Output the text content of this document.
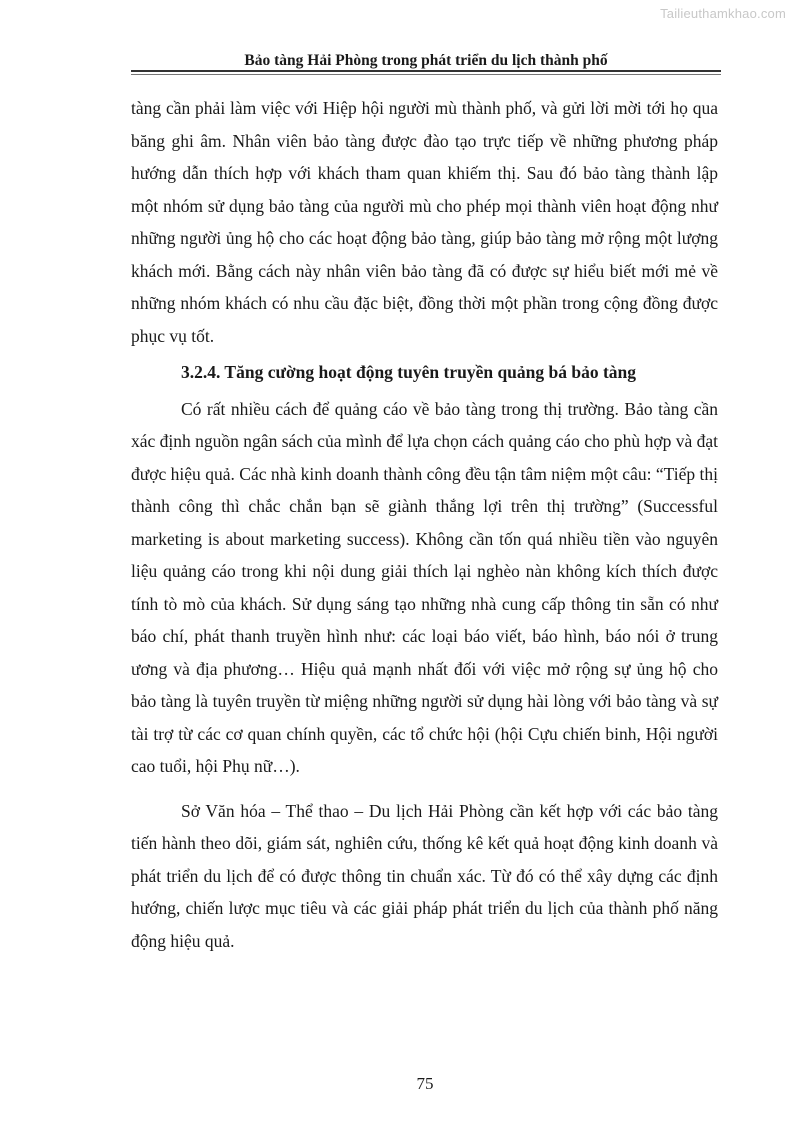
Tailieuthamkhao.com
Bảo tàng Hải Phòng trong phát triển du lịch thành phố

tàng cần phải làm việc với Hiệp hội người mù thành phố, và gửi lời mời tới họ qua băng ghi âm. Nhân viên bảo tàng được đào tạo trực tiếp về những phương pháp hướng dẫn thích hợp với khách tham quan khiếm thị. Sau đó bảo tàng thành lập một nhóm sử dụng bảo tàng của người mù cho phép mọi thành viên hoạt động như những người ủng hộ cho các hoạt động bảo tàng, giúp bảo tàng mở rộng một lượng khách mới. Bằng cách này nhân viên bảo tàng đã có được sự hiểu biết mới mẻ về những nhóm khách có nhu cầu đặc biệt, đồng thời một phần trong cộng đồng được phục vụ tốt.

3.2.4. Tăng cường hoạt động tuyên truyền quảng bá bảo tàng

Có rất nhiều cách để quảng cáo về bảo tàng trong thị trường. Bảo tàng cần xác định nguồn ngân sách của mình để lựa chọn cách quảng cáo cho phù hợp và đạt được hiệu quả. Các nhà kinh doanh thành công đều tận tâm niệm một câu: “Tiếp thị thành công thì chắc chắn bạn sẽ giành thắng lợi trên thị trường” (Successful marketing is about marketing success). Không cần tốn quá nhiều tiền vào nguyên liệu quảng cáo trong khi nội dung giải thích lại nghèo nàn không kích thích được tính tò mò của khách. Sử dụng sáng tạo những nhà cung cấp thông tin sẵn có như báo chí, phát thanh truyền hình như: các loại báo viết, báo hình, báo nói ở trung ương và địa phương… Hiệu quả mạnh nhất đối với việc mở rộng sự ủng hộ cho bảo tàng là tuyên truyền từ miệng những người sử dụng hài lòng với bảo tàng và sự tài trợ từ các cơ quan chính quyền, các tổ chức hội (hội Cựu chiến binh, Hội người cao tuổi, hội Phụ nữ…).

Sở Văn hóa – Thể thao – Du lịch Hải Phòng cần kết hợp với các bảo tàng tiến hành theo dõi, giám sát, nghiên cứu, thống kê kết quả hoạt động kinh doanh và phát triển du lịch để có được thông tin chuẩn xác. Từ đó có thể xây dựng các định hướng, chiến lược mục tiêu và các giải pháp phát triển du lịch của thành phố năng động hiệu quả.

75
